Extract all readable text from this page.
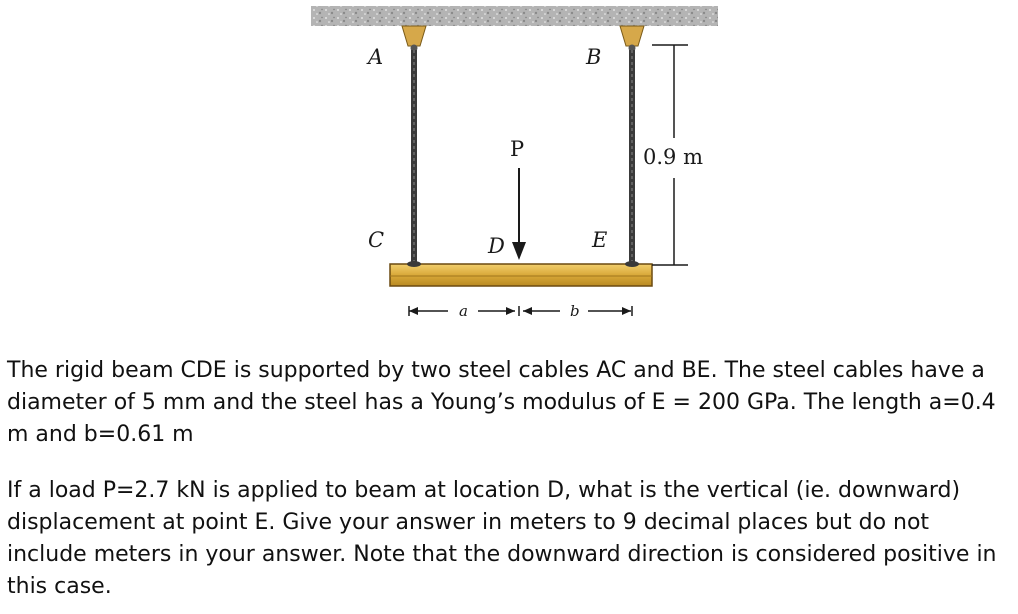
A	B
C	D	E
P	0.9 m
a	b

The rigid beam CDE is supported by two steel cables AC and BE. The steel cables have a diameter of 5 mm and the steel has a Young’s modulus of E = 200 GPa. The length a=0.4 m and b=0.61 m

If a load P=2.7 kN is applied to beam at location D, what is the vertical (ie. downward) displacement at point E. Give your answer in meters to 9 decimal places but do not include meters in your answer. Note that the downward direction is considered positive in this case.
